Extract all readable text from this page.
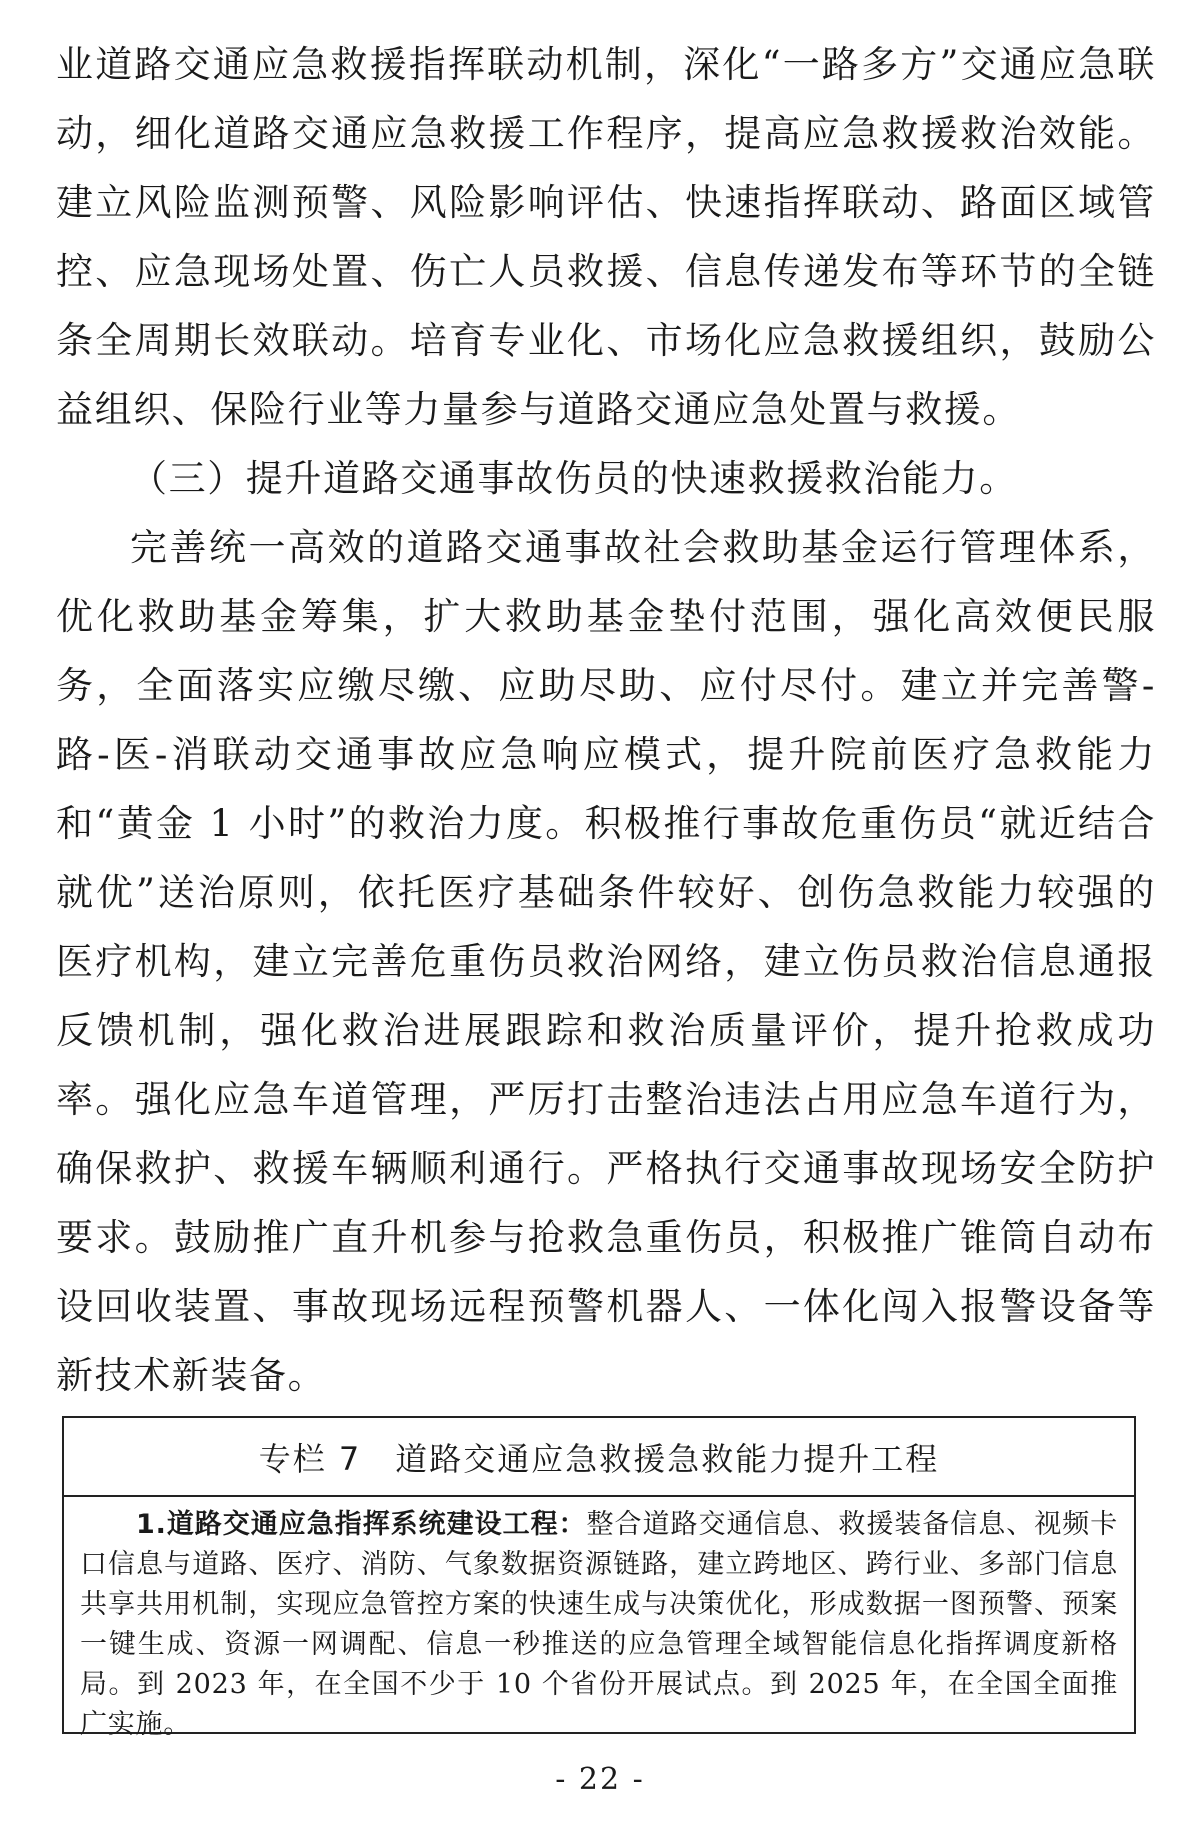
业道路交通应急救援指挥联动机制，深化“一路多方”交通应急联动，细化道路交通应急救援工作程序，提高应急救援救治效能。建立风险监测预警、风险影响评估、快速指挥联动、路面区域管控、应急现场处置、伤亡人员救援、信息传递发布等环节的全链条全周期长效联动。培育专业化、市场化应急救援组织，鼓励公益组织、保险行业等力量参与道路交通应急处置与救援。

（三）提升道路交通事故伤员的快速救援救治能力。

完善统一高效的道路交通事故社会救助基金运行管理体系，优化救助基金筹集，扩大救助基金垫付范围，强化高效便民服务，全面落实应缴尽缴、应助尽助、应付尽付。建立并完善警-路-医-消联动交通事故应急响应模式，提升院前医疗急救能力和“黄金 1 小时”的救治力度。积极推行事故危重伤员“就近结合就优”送治原则，依托医疗基础条件较好、创伤急救能力较强的医疗机构，建立完善危重伤员救治网络，建立伤员救治信息通报反馈机制，强化救治进展跟踪和救治质量评价，提升抢救成功率。强化应急车道管理，严厉打击整治违法占用应急车道行为，确保救护、救援车辆顺利通行。严格执行交通事故现场安全防护要求。鼓励推广直升机参与抢救急重伤员，积极推广锥筒自动布设回收装置、事故现场远程预警机器人、一体化闯入报警设备等新技术新装备。

专栏 7　道路交通应急救援急救能力提升工程

1.道路交通应急指挥系统建设工程：整合道路交通信息、救援装备信息、视频卡口信息与道路、医疗、消防、气象数据资源链路，建立跨地区、跨行业、多部门信息共享共用机制，实现应急管控方案的快速生成与决策优化，形成数据一图预警、预案一键生成、资源一网调配、信息一秒推送的应急管理全域智能信息化指挥调度新格局。到 2023 年，在全国不少于 10 个省份开展试点。到 2025 年，在全国全面推广实施。

- 22 -
